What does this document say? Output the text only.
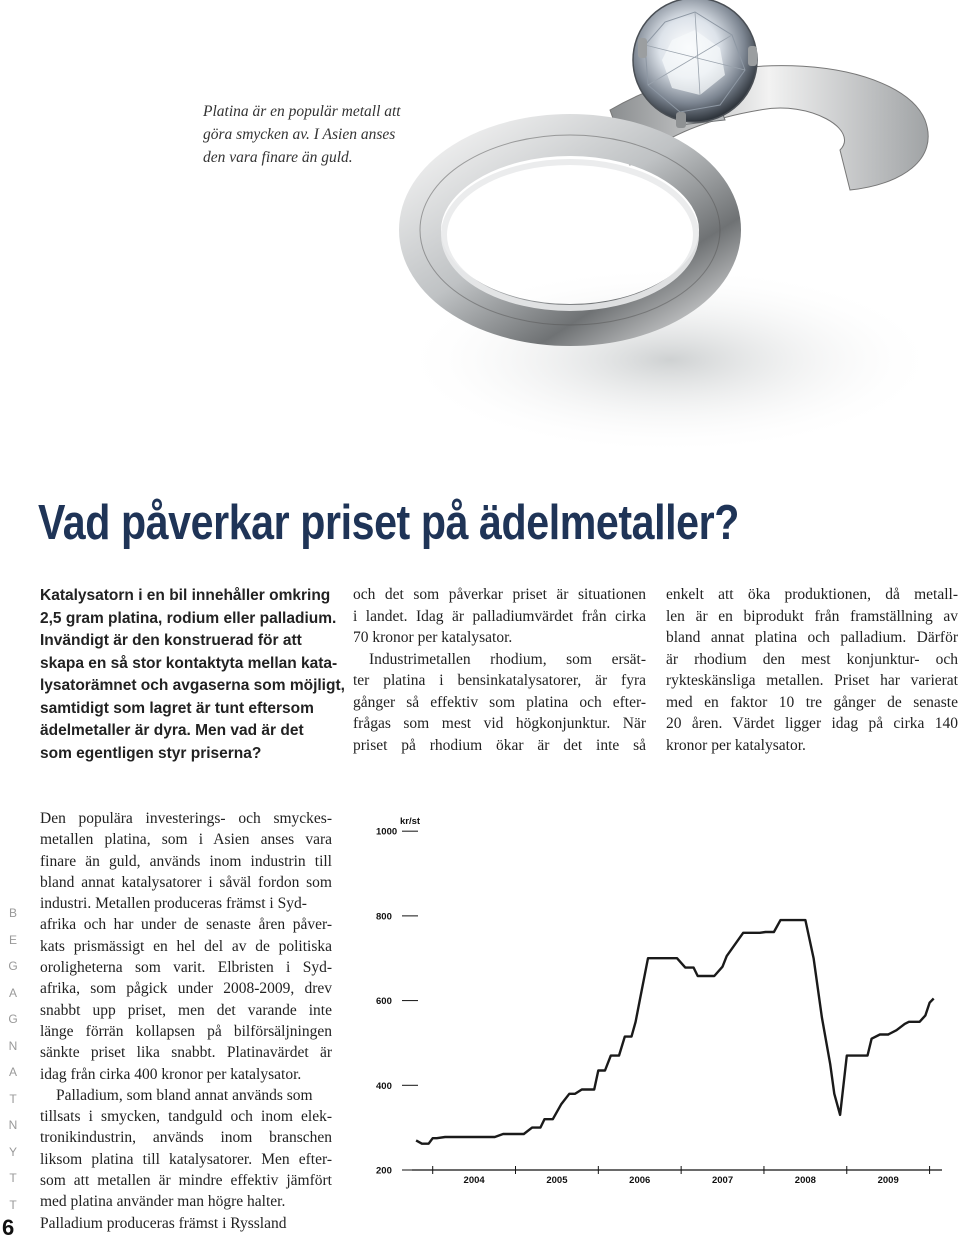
Platina är en populär metall att
göra smycken av. I Asien anses
den vara finare än guld.
Vad påverkar priset på ädelmetaller?
Katalysatorn i en bil innehåller omkring
2,5 gram platina, rodium eller palladium.
Invändigt är den konstruerad för att
skapa en så stor kontaktyta mellan kata-
lysatorämnet och avgaserna som möjligt,
samtidigt som lagret är tunt eftersom
ädelmetaller är dyra. Men vad är det
som egentligen styr priserna?
och det som påverkar priset är situationen
i landet. Idag är palladiumvärdet från cirka
70 kronor per katalysator.
Industrimetallen rhodium, som ersät-
ter platina i bensinkatalysatorer, är fyra
gånger så effektiv som platina och efter-
frågas som mest vid högkonjunktur. När
priset på rhodium ökar är det inte så
enkelt att öka produktionen, då metall-
len är en biprodukt från framställning av
bland annat platina och palladium. Därför
är rhodium den mest konjunktur- och
rykteskänsliga metallen. Priset har varierat
med en faktor 10 tre gånger de senaste
20 åren. Värdet ligger idag på cirka 140
kronor per katalysator.
Den populära investerings- och smyckes-
metallen platina, som i Asien anses vara
finare än guld, används inom industrin till
bland annat katalysatorer i såväl fordon som
industri. Metallen produceras främst i Syd-
afrika och har under de senaste åren påver-
kats prismässigt en hel del av de politiska
oroligheterna som varit. Elbristen i Syd-
afrika, som pågick under 2008-2009, drev
snabbt upp priset, men det varande inte
länge förrän kollapsen på bilförsäljningen
sänkte priset lika snabbt. Platinavärdet är
idag från cirka 400 kronor per katalysator.
Palladium, som bland annat används som
tillsats i smycken, tandguld och inom elek-
tronikindustrin, används inom branschen
liksom platina till katalysatorer. Men efter-
som att metallen är mindre effektiv jämfört
med platina använder man högre halter.
Palladium produceras främst i Ryssland
B
E
G
A
G
N
A
T
N
Y
T
T
6
kr/st
1000
800
600
400
200
2004	2005	2006	2007	2008	2009
